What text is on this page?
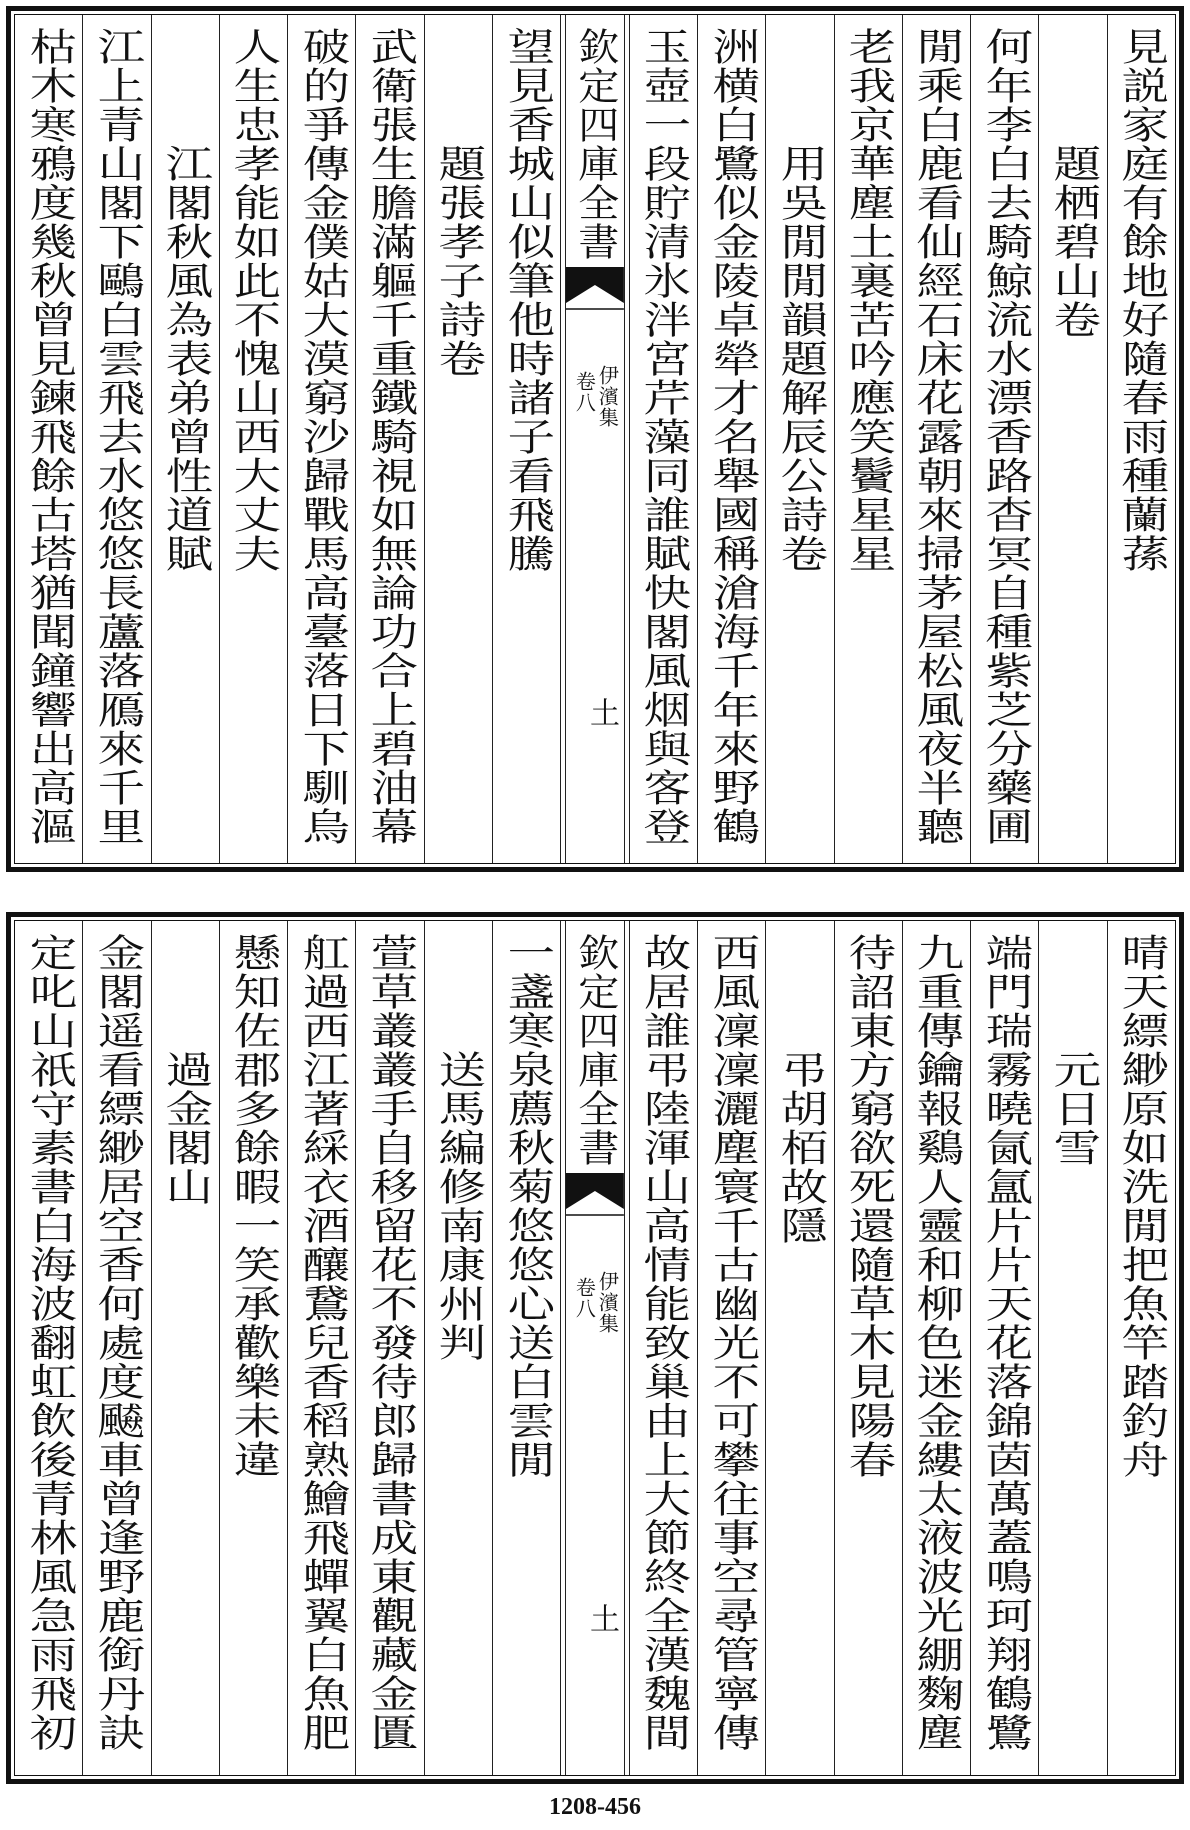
見説家庭有餘地好隨春雨種蘭蓀
題栖碧山卷
何年李白去騎鯨流水漂香路杳冥自種紫芝分藥圃
閒乘白鹿看仙經石床花露朝來掃茅屋松風夜半聽
老我京華塵土裏苦吟應笑鬢星星
用吳閒閒韻題解辰公詩卷
洲横白鷺似金陵卓犖才名舉國稱滄海千年來野鶴
玉壺一段貯清氷泮宮芹藻同誰賦快閣風烟與客登
欽定四庫全書
伊濱集
卷八
土
望見香城山似筆他時諸子看飛騰
題張孝子詩卷
武衛張生膽滿軀千重鐵騎視如無論功合上碧油幕
破的爭傳金僕姑大漠窮沙歸戰馬高臺落日下馴烏
人生忠孝能如此不愧山西大丈夫
江閣秋風為表弟曾性道賦
江上青山閣下鷗白雲飛去水悠悠長蘆落鴈來千里
枯木寒鴉度幾秋曾見鍊飛餘古塔猶聞鐘響出高漚
晴天縹緲原如洗閒把魚竿踏釣舟
元日雪
端門瑞霧曉氤氲片片天花落錦茵萬蓋鳴珂翔鶴鷺
九重傳鑰報鷄人靈和柳色迷金縷太液波光綳麴塵
待詔東方窮欲死還隨草木見陽春
弔胡栢故隱
西風凜凜灑塵寰千古幽光不可攀往事空尋管寧傳
故居誰弔陸渾山高情能致巢由上大節終全漢魏間
欽定四庫全書
伊濱集
卷八
土
一盞寒泉薦秋菊悠悠心送白雲閒
送馬編修南康州判
萱草叢叢手自移留花不發待郎歸書成東觀藏金匱
舡過西江著綵衣酒釀鵞兒香稻熟鱠飛蟬翼白魚肥
懸知佐郡多餘暇一笑承歡樂未違
過金閣山
金閣遥看縹緲居空香何處度飇車曾逢野鹿銜丹訣
定叱山祇守素書白海波翻虹飲後青林風急雨飛初
1208-456
